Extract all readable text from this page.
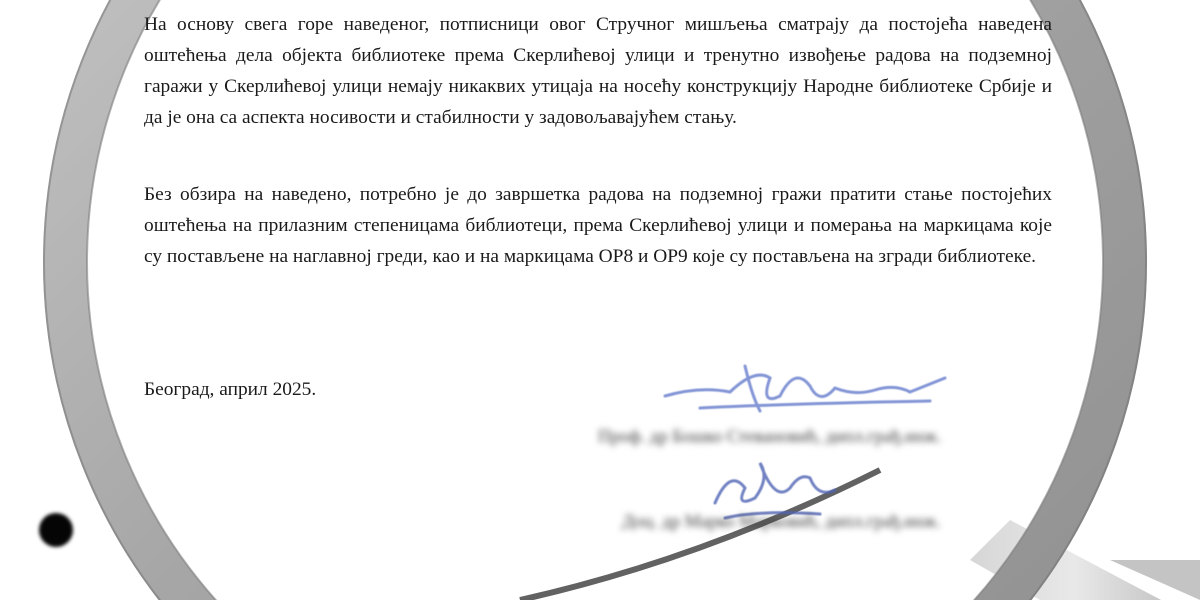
На основу свега горе наведеног, потписници овог Стручног мишљења сматрају да постојећа наведена оштећења дела објекта библиотеке према Скерлићевој улици и тренутно извођење радова на подземној гаражи у Скерлићевој улици немају никаквих утицаја на носећу конструкцију Народне библиотеке Србије и да је она са аспекта носивости и стабилности у задовољавајућем стању.

Без обзира на наведено, потребно је до завршетка радова на подземној гражи пратити стање постојећих оштећења на прилазним степеницама библиотеци, према Скерлићевој улици и померања на маркицама које су постављене на наглавној греди, као и на маркицама OP8 и OP9 које су постављена на згради библиотеке.

Београд, април 2025.

Проф. др Бошко Стевановић, дипл.грађ.инж.
Доц. др Марко Марковић, дипл.грађ.инж.
